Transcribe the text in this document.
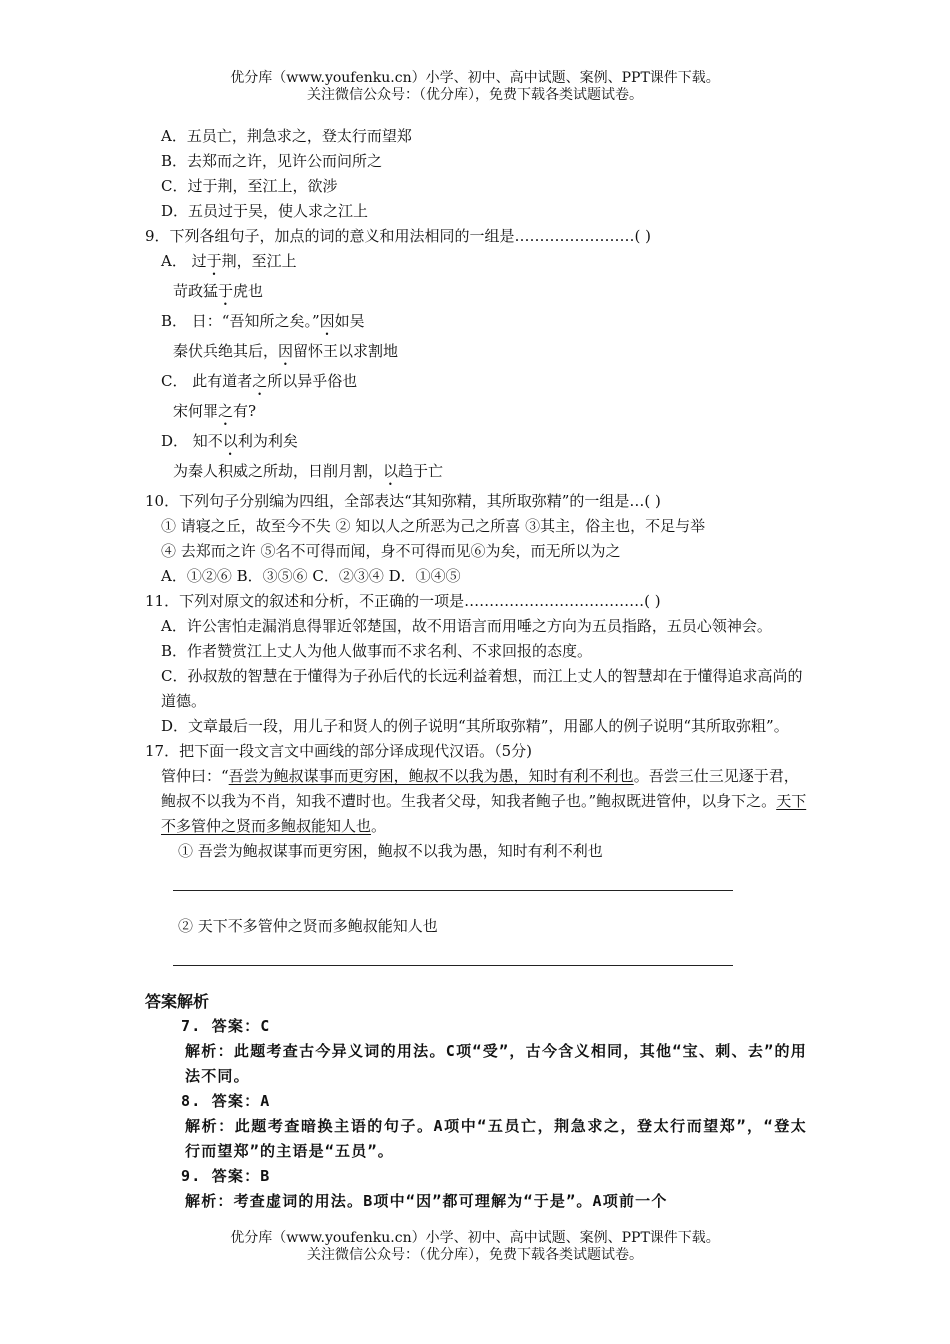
优分库（www.youfenku.cn）小学、初中、高中试题、案例、PPT课件下载。
关注微信公众号：（优分库），免费下载各类试题试卷。
A．五员亡，荆急求之，登太行而望郑
B．去郑而之许，见许公而问所之
C．过于荆，至江上，欲涉
D．五员过于吴，使人求之江上
9．下列各组句子，加点的词的意义和用法相同的一组是……………………( )
A． 过于荆，至江上
苛政猛于虎也
B． 日：“吾知所之矣。”因如吴
秦伏兵绝其后，因留怀王以求割地
C． 此有道者之所以异乎俗也
宋何罪之有?
D． 知不以利为利矣
为秦人积威之所劫，日削月割，以趋于亡
10．下列句子分别编为四组，全部表达“其知弥精，其所取弥精”的一组是…( )
① 请寝之丘，故至今不失 ② 知以人之所恶为己之所喜 ③其主，俗主也，不足与举
④ 去郑而之许 ⑤名不可得而闻，身不可得而见⑥为矣，而无所以为之
A．①②⑥ B．③⑤⑥ C．②③④ D．①④⑤
11．下列对原文的叙述和分析，不正确的一项是………………………………( )
A．许公害怕走漏消息得罪近邻楚国，故不用语言而用唾之方向为五员指路，五员心领神会。
B．作者赞赏江上丈人为他人做事而不求名利、不求回报的态度。
C．孙叔敖的智慧在于懂得为子孙后代的长远利益着想，而江上丈人的智慧却在于懂得追求高尚的道德。
D．文章最后一段，用儿子和贤人的例子说明“其所取弥精”，用鄙人的例子说明“其所取弥粗”。
17．把下面一段文言文中画线的部分译成现代汉语。（5分)
管仲曰：“吾尝为鲍叔谋事而更穷困，鲍叔不以我为愚，知时有利不利也。吾尝三仕三见逐于君，鲍叔不以我为不肖，知我不遭时也。生我者父母，知我者鲍子也。”鲍叔既进管仲，以身下之。天下不多管仲之贤而多鲍叔能知人也。
① 吾尝为鲍叔谋事而更穷困，鲍叔不以我为愚，知时有利不利也
② 天下不多管仲之贤而多鲍叔能知人也
答案解析
7. 答案：C
解析：此题考查古今异义词的用法。C项“受”，古今含义相同，其他“宝、刺、去”的用法不同。
8. 答案：A
解析：此题考查暗换主语的句子。A项中“五员亡，荆急求之，登太行而望郑”，“登太行而望郑”的主语是“五员”。
9. 答案：B
解析：考查虚词的用法。B项中“因”都可理解为“于是”。A项前一个
优分库（www.youfenku.cn）小学、初中、高中试题、案例、PPT课件下载。
关注微信公众号：（优分库），免费下载各类试题试卷。
